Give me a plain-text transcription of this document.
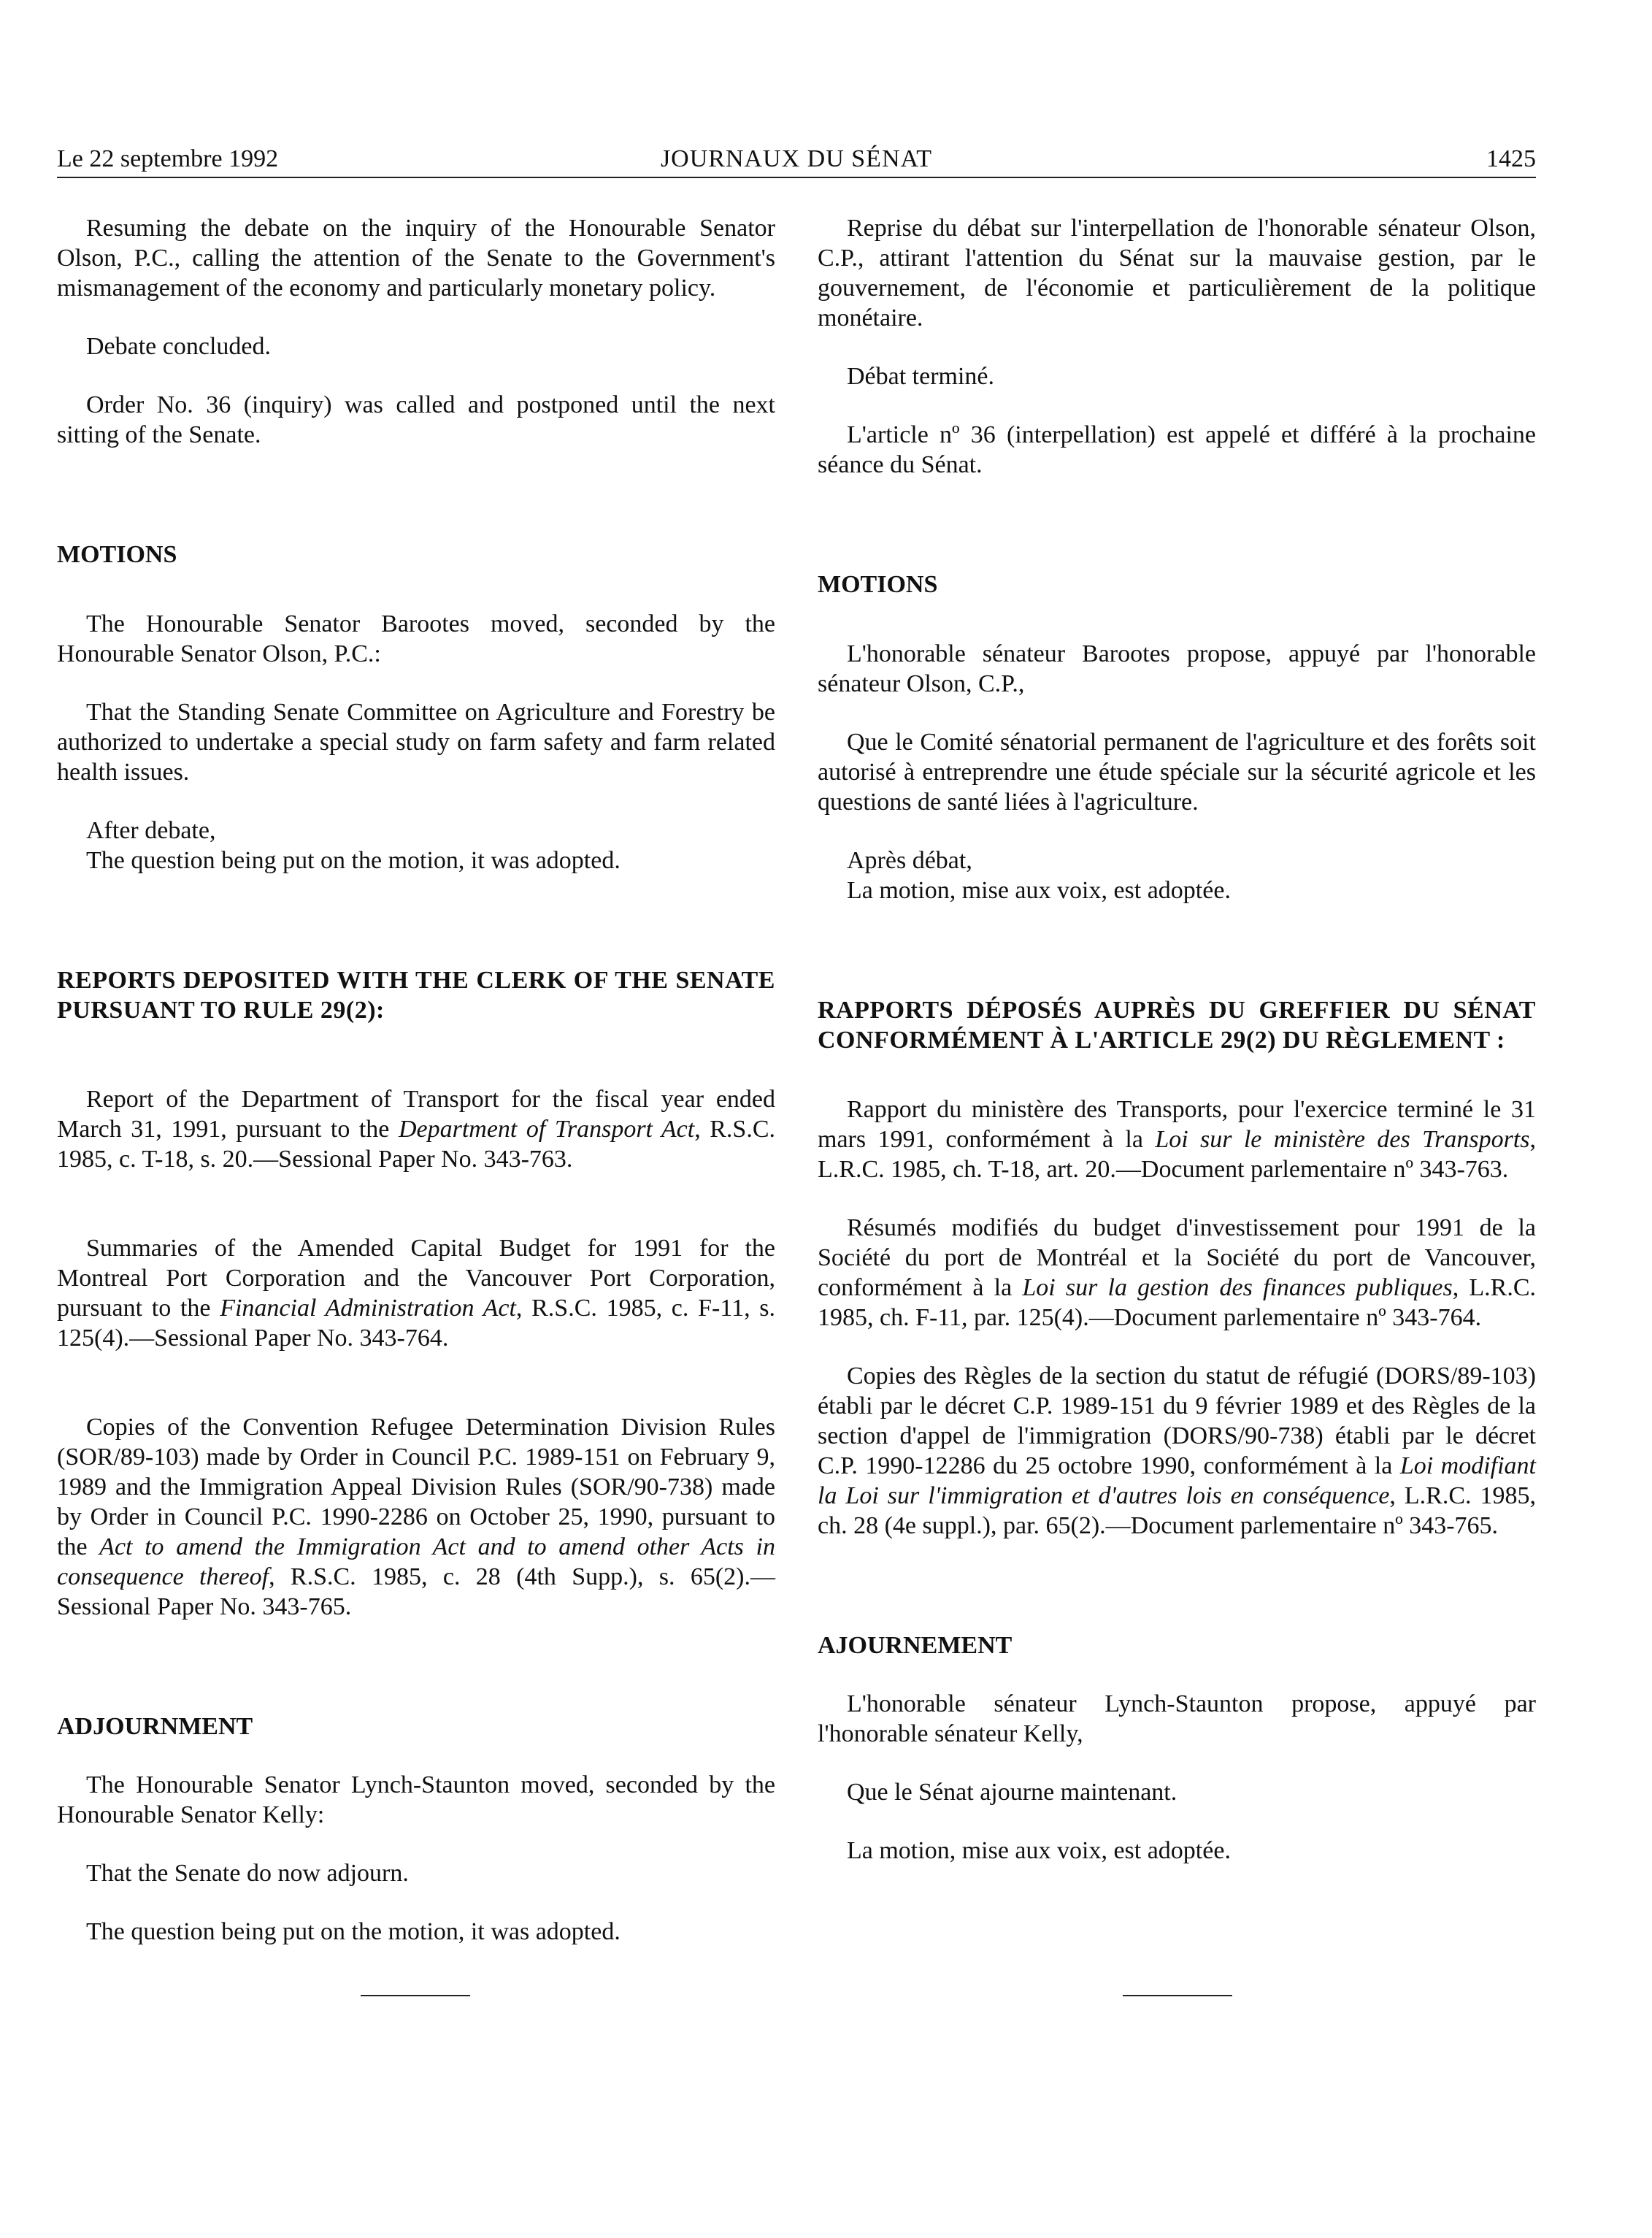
Le 22 septembre 1992	JOURNAUX DU SÉNAT	1425

Resuming the debate on the inquiry of the Honourable Senator Olson, P.C., calling the attention of the Senate to the Government's mismanagement of the economy and particularly monetary policy.

Debate concluded.

Order No. 36 (inquiry) was called and postponed until the next sitting of the Senate.

MOTIONS

The Honourable Senator Barootes moved, seconded by the Honourable Senator Olson, P.C.:

That the Standing Senate Committee on Agriculture and Forestry be authorized to undertake a special study on farm safety and farm related health issues.

After debate,

The question being put on the motion, it was adopted.

REPORTS DEPOSITED WITH THE CLERK OF THE SENATE PURSUANT TO RULE 29(2):

Report of the Department of Transport for the fiscal year ended March 31, 1991, pursuant to the Department of Transport Act, R.S.C. 1985, c. T-18, s. 20.—Sessional Paper No. 343-763.

Summaries of the Amended Capital Budget for 1991 for the Montreal Port Corporation and the Vancouver Port Corporation, pursuant to the Financial Administration Act, R.S.C. 1985, c. F-11, s. 125(4).—Sessional Paper No. 343-764.

Copies of the Convention Refugee Determination Division Rules (SOR/89-103) made by Order in Council P.C. 1989-151 on February 9, 1989 and the Immigration Appeal Division Rules (SOR/90-738) made by Order in Council P.C. 1990-2286 on October 25, 1990, pursuant to the Act to amend the Immigration Act and to amend other Acts in consequence thereof, R.S.C. 1985, c. 28 (4th Supp.), s. 65(2).—Sessional Paper No. 343-765.

ADJOURNMENT

The Honourable Senator Lynch-Staunton moved, seconded by the Honourable Senator Kelly:

That the Senate do now adjourn.

The question being put on the motion, it was adopted.

Reprise du débat sur l'interpellation de l'honorable sénateur Olson, C.P., attirant l'attention du Sénat sur la mauvaise gestion, par le gouvernement, de l'économie et particulièrement de la politique monétaire.

Débat terminé.

L'article nº 36 (interpellation) est appelé et différé à la prochaine séance du Sénat.

MOTIONS

L'honorable sénateur Barootes propose, appuyé par l'honorable sénateur Olson, C.P.,

Que le Comité sénatorial permanent de l'agriculture et des forêts soit autorisé à entreprendre une étude spéciale sur la sécurité agricole et les questions de santé liées à l'agriculture.

Après débat,

La motion, mise aux voix, est adoptée.

RAPPORTS DÉPOSÉS AUPRÈS DU GREFFIER DU SÉNAT CONFORMÉMENT À L'ARTICLE 29(2) DU RÈGLEMENT :

Rapport du ministère des Transports, pour l'exercice terminé le 31 mars 1991, conformément à la Loi sur le ministère des Transports, L.R.C. 1985, ch. T-18, art. 20.—Document parlementaire nº 343-763.

Résumés modifiés du budget d'investissement pour 1991 de la Société du port de Montréal et la Société du port de Vancouver, conformément à la Loi sur la gestion des finances publiques, L.R.C. 1985, ch. F-11, par. 125(4).—Document parlementaire nº 343-764.

Copies des Règles de la section du statut de réfugié (DORS/89-103) établi par le décret C.P. 1989-151 du 9 février 1989 et des Règles de la section d'appel de l'immigration (DORS/90-738) établi par le décret C.P. 1990-12286 du 25 octobre 1990, conformément à la Loi modifiant la Loi sur l'immigration et d'autres lois en conséquence, L.R.C. 1985, ch. 28 (4e suppl.), par. 65(2).—Document parlementaire nº 343-765.

AJOURNEMENT

L'honorable sénateur Lynch-Staunton propose, appuyé par l'honorable sénateur Kelly,

Que le Sénat ajourne maintenant.

La motion, mise aux voix, est adoptée.
